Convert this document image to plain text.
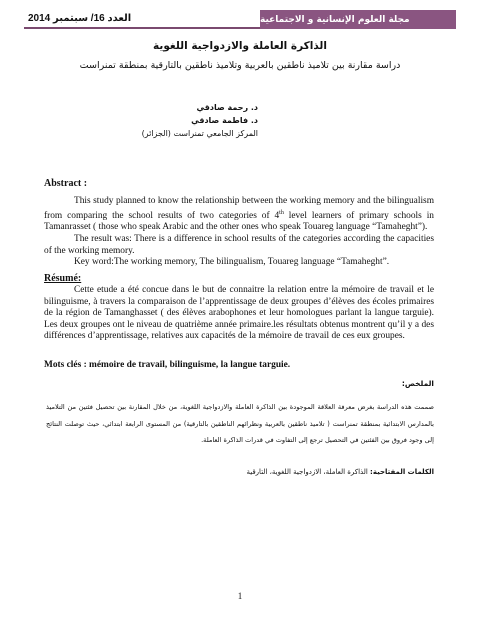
العدد 16/ سبتمبر 2014	مجلة العلوم الإنسانية و الاجتماعية
الذاكرة العاملة والازدواجية اللغوية
دراسة مقارنة بين تلاميذ ناطقين بالعربية وتلاميذ ناطقين بالتارقية بمنطقة تمنراست
د. رحمة صادقي
د. فاطمة صادقي
المركز الجامعي تمنراست (الجزائر)
Abstract :

This study planned to know the relationship between the working memory and the bilingualism from comparing the school results of two categories of 4th level learners of primary schools in Tamanrasset ( those who speak Arabic and the other ones who speak Touareg language “Tamaheght”).

The result was: There is a difference in school results of the categories according the capacities of the working memory.

Key word:The working memory, The bilingualism, Touareg language “Tamaheght”.

Résumé:

Cette etude a été concue dans le but de connaitre la relation entre la mémoire de travail et le bilinguisme, à travers la comparaison de l’apprentissage de deux groupes d’élèves des écoles primaires de la région de Tamanghasset ( des élèves arabophones et leur homologues parlant la langue targuie). Les deux groupes ont le niveau de quatrième année primaire.les résultats obtenus montrent qu’il y a des différences d’apprentissage, relatives aux capacités de la mémoire de travail de ces eux groupes.

Mots clés : mémoire de travail, bilinguisme, la langue targuie.
الملخص:
صممت هذه الدراسة بغرض معرفة العلاقة الموجودة بين الذاكرة العاملة والازدواجية اللغوية، من خلال المقارنة بين تحصيل فئتين من التلاميذ بالمدارس الابتدائية بمنطقة تمنراست ( تلاميذ ناطقين بالعربية ونظرائهم الناطقين بالتارقية) من المستوى الرابعة ابتدائي، حيث توصلت النتائج إلى وجود فروق بين الفئتين في التحصيل ترجع إلى التفاوت في قدرات الذاكرة العاملة.
الكلمات المفتاحية: الذاكرة العاملة، الازدواجية اللغوية، التارقية
1
